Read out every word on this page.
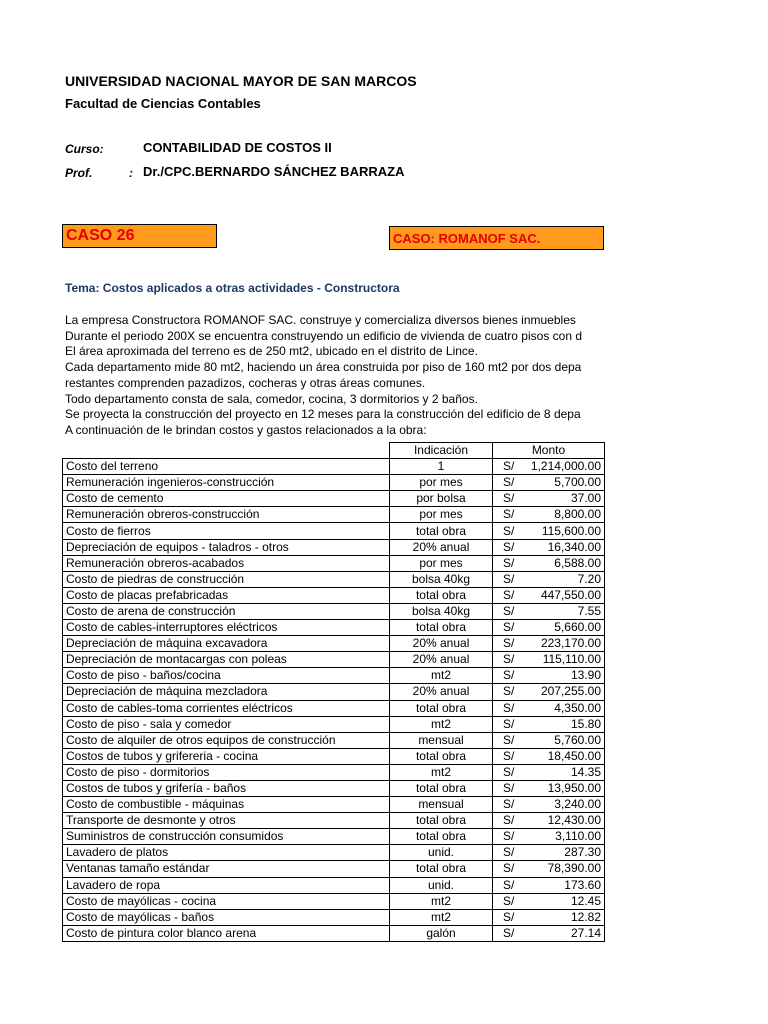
UNIVERSIDAD NACIONAL MAYOR DE SAN MARCOS
Facultad de Ciencias Contables
Curso:	CONTABILIDAD DE COSTOS II
Prof.	: Dr./CPC.BERNARDO SÁNCHEZ BARRAZA
CASO 26	CASO: ROMANOF SAC.
Tema: Costos aplicados a otras actividades - Constructora
La empresa Constructora ROMANOF SAC. construye y comercializa diversos bienes inmuebles
Durante el periodo 200X se encuentra construyendo un edificio de vivienda de cuatro pisos con d
El área aproximada del terreno es de 250 mt2, ubicado en el distrito de Lince.
Cada departamento mide 80 mt2, haciendo un área construida por piso de 160 mt2 por dos depa
restantes comprenden pazadizos, cocheras y otras áreas comunes.
Todo departamento consta de sala, comedor, cocina, 3 dormitorios y 2 baños.
Se proyecta la construcción del proyecto en 12 meses para la construcción del edificio de 8 depa
A continuación de le brindan costos y gastos relacionados a la obra:
	Indicación	Monto	
Costo del terreno	1	S/	1,214,000.00
Remuneración ingenieros-construcción	por mes	S/	5,700.00
Costo de cemento	por bolsa	S/	37.00
Remuneración obreros-construcción	por mes	S/	8,800.00
Costo de fierros	total obra	S/	115,600.00
Depreciación de equipos - taladros - otros	20% anual	S/	16,340.00
Remuneración obreros-acabados	por mes	S/	6,588.00
Costo de piedras de construcción	bolsa 40kg	S/	7.20
Costo de placas prefabricadas	total obra	S/	447,550.00
Costo de arena de construcción	bolsa 40kg	S/	7.55
Costo de cables-interruptores eléctricos	total obra	S/	5,660.00
Depreciación de máquina excavadora	20% anual	S/	223,170.00
Depreciación de montacargas con poleas	20% anual	S/	115,110.00
Costo de piso - baños/cocina	mt2	S/	13.90
Depreciación de máquina mezcladora	20% anual	S/	207,255.00
Costo de cables-toma corrientes eléctricos	total obra	S/	4,350.00
Costo de piso - sala y comedor	mt2	S/	15.80
Costo de alquiler de otros equipos de construcción	mensual	S/	5,760.00
Costos de tubos y grifereria - cocina	total obra	S/	18,450.00
Costo de piso - dormitorios	mt2	S/	14.35
Costos de tubos y grifería - baños	total obra	S/	13,950.00
Costo de combustible - máquinas	mensual	S/	3,240.00
Transporte de desmonte y otros	total obra	S/	12,430.00
Suministros de construcción consumidos	total obra	S/	3,110.00
Lavadero de platos	unid.	S/	287.30
Ventanas tamaño estándar	total obra	S/	78,390.00
Lavadero de ropa	unid.	S/	173.60
Costo de mayólicas - cocina	mt2	S/	12.45
Costo de mayólicas - baños	mt2	S/	12.82
Costo de pintura color blanco arena	galón	S/	27.14
